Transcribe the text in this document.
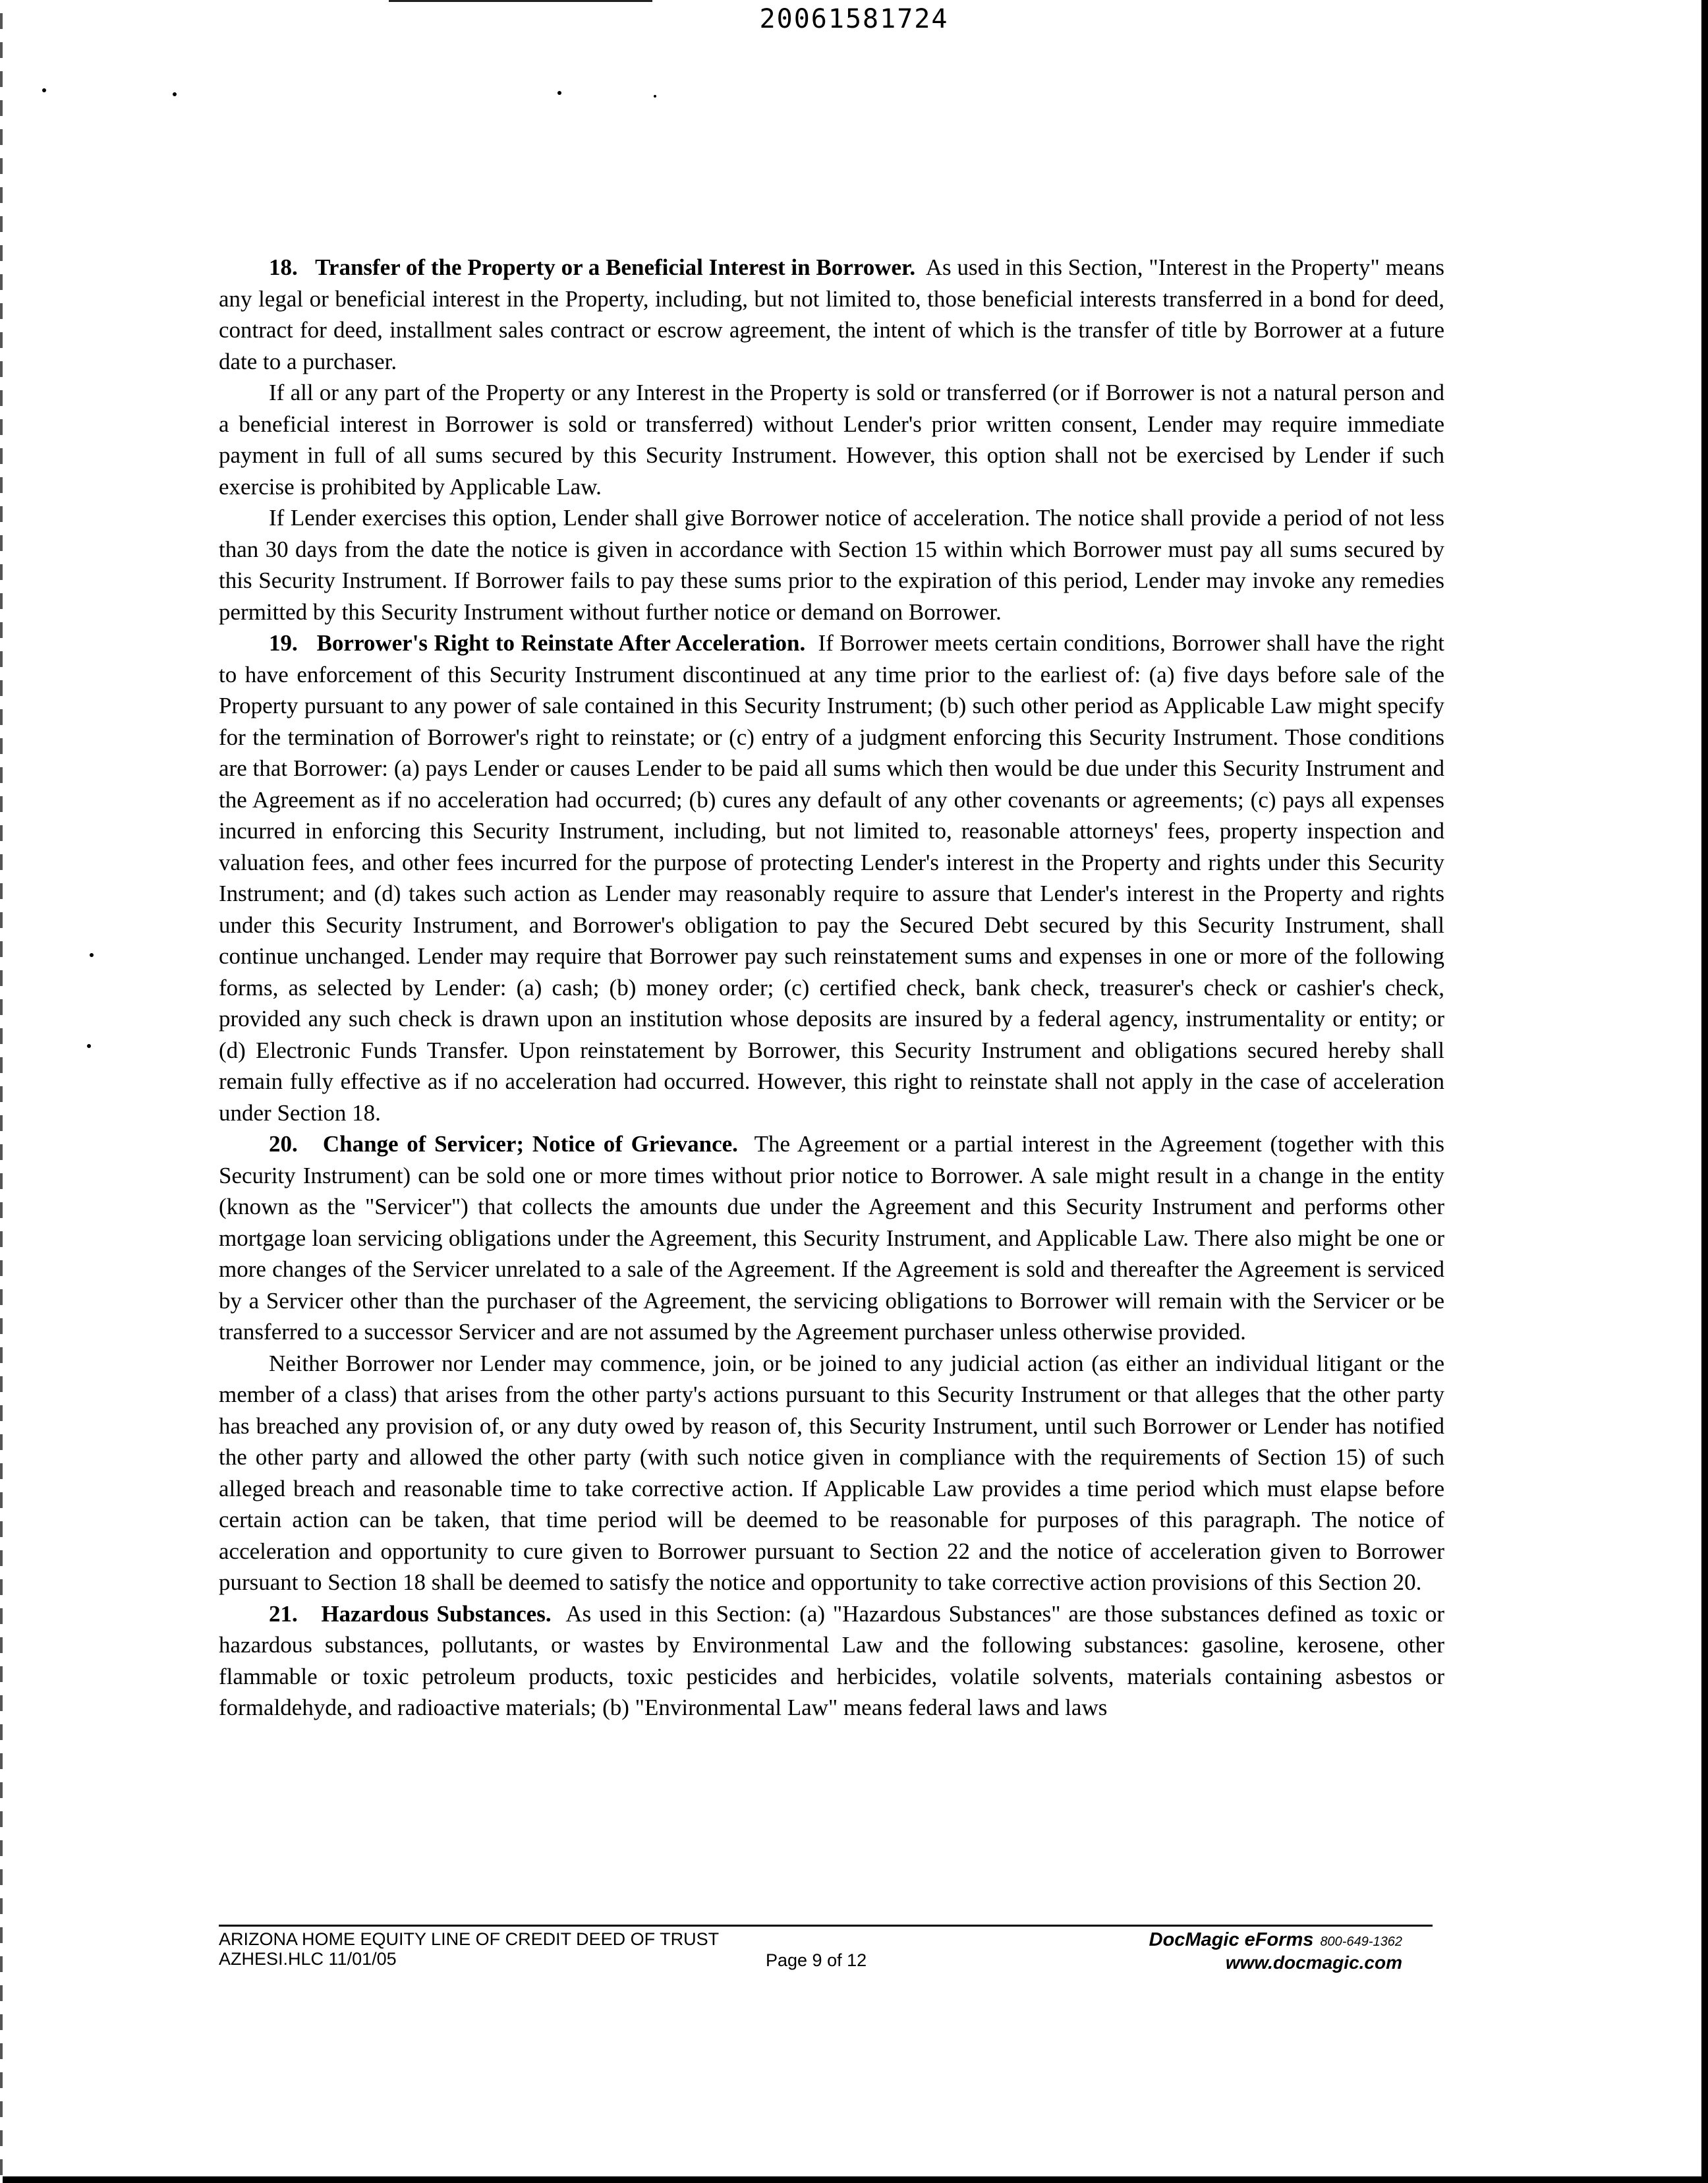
20061581724

18. Transfer of the Property or a Beneficial Interest in Borrower. As used in this Section, "Interest in the Property" means any legal or beneficial interest in the Property, including, but not limited to, those beneficial interests transferred in a bond for deed, contract for deed, installment sales contract or escrow agreement, the intent of which is the transfer of title by Borrower at a future date to a purchaser.

If all or any part of the Property or any Interest in the Property is sold or transferred (or if Borrower is not a natural person and a beneficial interest in Borrower is sold or transferred) without Lender's prior written consent, Lender may require immediate payment in full of all sums secured by this Security Instrument. However, this option shall not be exercised by Lender if such exercise is prohibited by Applicable Law.

If Lender exercises this option, Lender shall give Borrower notice of acceleration. The notice shall provide a period of not less than 30 days from the date the notice is given in accordance with Section 15 within which Borrower must pay all sums secured by this Security Instrument. If Borrower fails to pay these sums prior to the expiration of this period, Lender may invoke any remedies permitted by this Security Instrument without further notice or demand on Borrower.

19. Borrower's Right to Reinstate After Acceleration. If Borrower meets certain conditions, Borrower shall have the right to have enforcement of this Security Instrument discontinued at any time prior to the earliest of: (a) five days before sale of the Property pursuant to any power of sale contained in this Security Instrument; (b) such other period as Applicable Law might specify for the termination of Borrower's right to reinstate; or (c) entry of a judgment enforcing this Security Instrument. Those conditions are that Borrower: (a) pays Lender or causes Lender to be paid all sums which then would be due under this Security Instrument and the Agreement as if no acceleration had occurred; (b) cures any default of any other covenants or agreements; (c) pays all expenses incurred in enforcing this Security Instrument, including, but not limited to, reasonable attorneys' fees, property inspection and valuation fees, and other fees incurred for the purpose of protecting Lender's interest in the Property and rights under this Security Instrument; and (d) takes such action as Lender may reasonably require to assure that Lender's interest in the Property and rights under this Security Instrument, and Borrower's obligation to pay the Secured Debt secured by this Security Instrument, shall continue unchanged. Lender may require that Borrower pay such reinstatement sums and expenses in one or more of the following forms, as selected by Lender: (a) cash; (b) money order; (c) certified check, bank check, treasurer's check or cashier's check, provided any such check is drawn upon an institution whose deposits are insured by a federal agency, instrumentality or entity; or (d) Electronic Funds Transfer. Upon reinstatement by Borrower, this Security Instrument and obligations secured hereby shall remain fully effective as if no acceleration had occurred. However, this right to reinstate shall not apply in the case of acceleration under Section 18.

20. Change of Servicer; Notice of Grievance. The Agreement or a partial interest in the Agreement (together with this Security Instrument) can be sold one or more times without prior notice to Borrower. A sale might result in a change in the entity (known as the "Servicer") that collects the amounts due under the Agreement and this Security Instrument and performs other mortgage loan servicing obligations under the Agreement, this Security Instrument, and Applicable Law. There also might be one or more changes of the Servicer unrelated to a sale of the Agreement. If the Agreement is sold and thereafter the Agreement is serviced by a Servicer other than the purchaser of the Agreement, the servicing obligations to Borrower will remain with the Servicer or be transferred to a successor Servicer and are not assumed by the Agreement purchaser unless otherwise provided.

Neither Borrower nor Lender may commence, join, or be joined to any judicial action (as either an individual litigant or the member of a class) that arises from the other party's actions pursuant to this Security Instrument or that alleges that the other party has breached any provision of, or any duty owed by reason of, this Security Instrument, until such Borrower or Lender has notified the other party and allowed the other party (with such notice given in compliance with the requirements of Section 15) of such alleged breach and reasonable time to take corrective action. If Applicable Law provides a time period which must elapse before certain action can be taken, that time period will be deemed to be reasonable for purposes of this paragraph. The notice of acceleration and opportunity to cure given to Borrower pursuant to Section 22 and the notice of acceleration given to Borrower pursuant to Section 18 shall be deemed to satisfy the notice and opportunity to take corrective action provisions of this Section 20.

21. Hazardous Substances. As used in this Section: (a) "Hazardous Substances" are those substances defined as toxic or hazardous substances, pollutants, or wastes by Environmental Law and the following substances: gasoline, kerosene, other flammable or toxic petroleum products, toxic pesticides and herbicides, volatile solvents, materials containing asbestos or formaldehyde, and radioactive materials; (b) "Environmental Law" means federal laws and laws

ARIZONA HOME EQUITY LINE OF CREDIT DEED OF TRUST
AZHESI.HLC 11/01/05	Page 9 of 12
DocMagic eForms 800-649-1362
www.docmagic.com
